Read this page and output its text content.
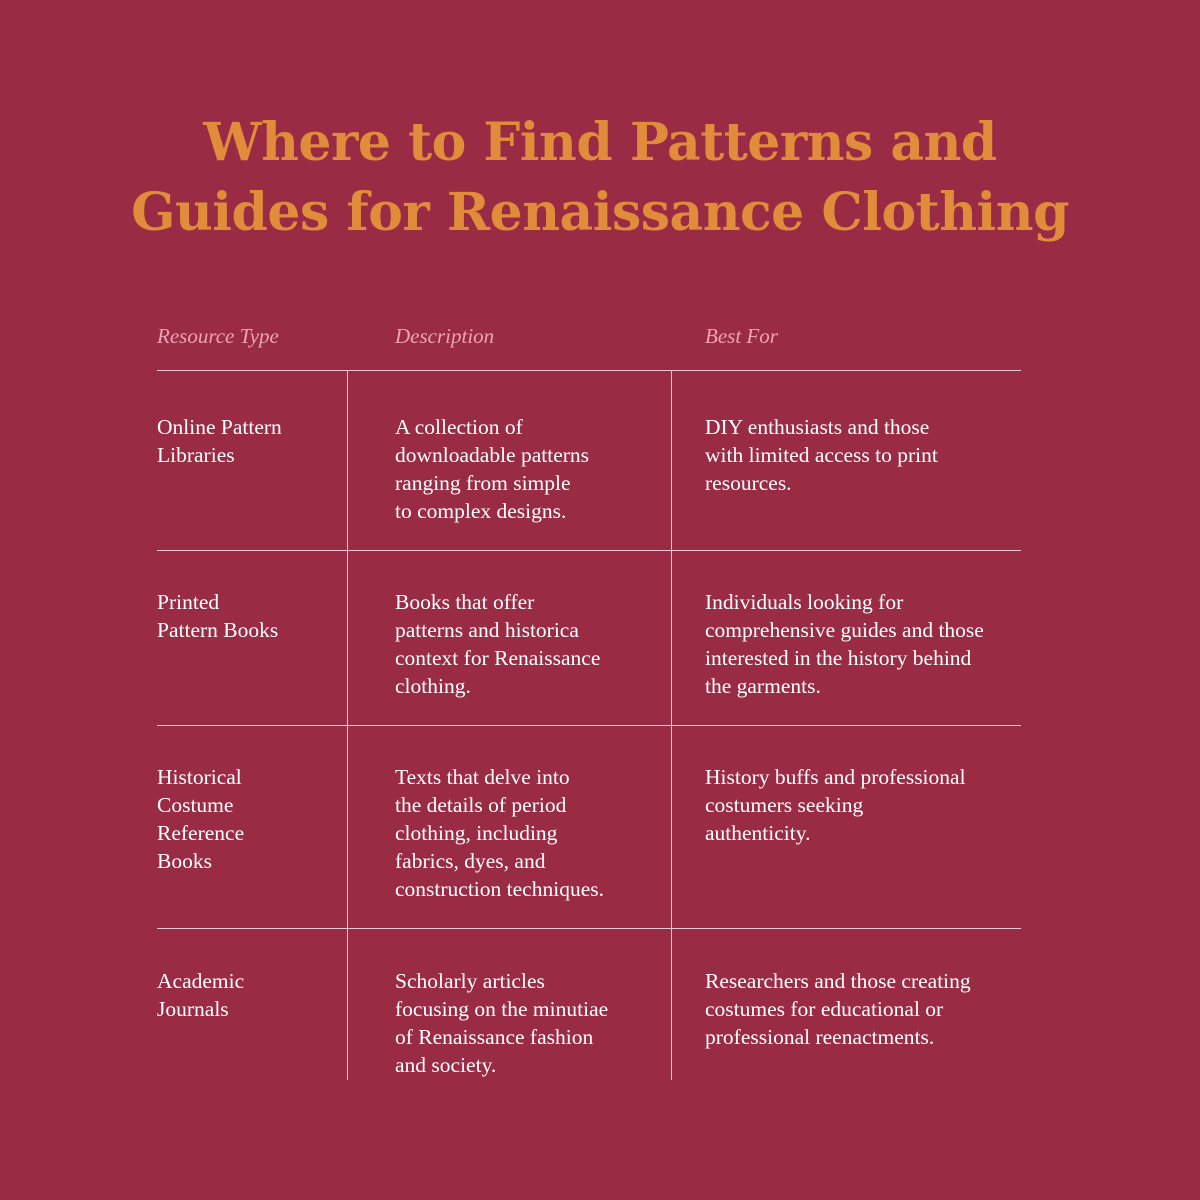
Where to Find Patterns and
Guides for Renaissance Clothing
Resource Type	Description	Best For
Online Pattern
Libraries
A collection of
downloadable patterns
ranging from simple
to complex designs.
DIY enthusiasts and those
with limited access to print
resources.
Printed
Pattern Books
Books that offer
patterns and historica
context for Renaissance
clothing.
Individuals looking for
comprehensive guides and those
interested in the history behind
the garments.
Historical
Costume
Reference
Books
Texts that delve into
the details of period
clothing, including
fabrics, dyes, and
construction techniques.
History buffs and professional
costumers seeking
authenticity.
Academic
Journals
Scholarly articles
focusing on the minutiae
of Renaissance fashion
and society.
Researchers and those creating
costumes for educational or
professional reenactments.
